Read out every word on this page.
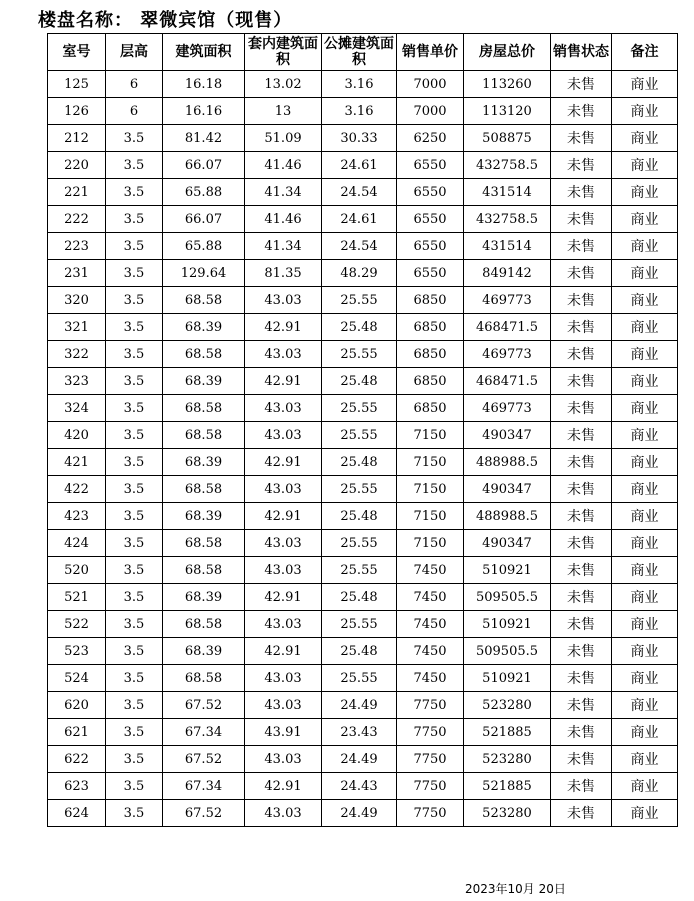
楼盘名称： 翠微宾馆（现售）
室号	层高	建筑面积	套内建筑面积	公摊建筑面积	销售单价	房屋总价	销售状态	备注
125	6	16.18	13.02	3.16	7000	113260	未售	商业
126	6	16.16	13	3.16	7000	113120	未售	商业
212	3.5	81.42	51.09	30.33	6250	508875	未售	商业
220	3.5	66.07	41.46	24.61	6550	432758.5	未售	商业
221	3.5	65.88	41.34	24.54	6550	431514	未售	商业
222	3.5	66.07	41.46	24.61	6550	432758.5	未售	商业
223	3.5	65.88	41.34	24.54	6550	431514	未售	商业
231	3.5	129.64	81.35	48.29	6550	849142	未售	商业
320	3.5	68.58	43.03	25.55	6850	469773	未售	商业
321	3.5	68.39	42.91	25.48	6850	468471.5	未售	商业
322	3.5	68.58	43.03	25.55	6850	469773	未售	商业
323	3.5	68.39	42.91	25.48	6850	468471.5	未售	商业
324	3.5	68.58	43.03	25.55	6850	469773	未售	商业
420	3.5	68.58	43.03	25.55	7150	490347	未售	商业
421	3.5	68.39	42.91	25.48	7150	488988.5	未售	商业
422	3.5	68.58	43.03	25.55	7150	490347	未售	商业
423	3.5	68.39	42.91	25.48	7150	488988.5	未售	商业
424	3.5	68.58	43.03	25.55	7150	490347	未售	商业
520	3.5	68.58	43.03	25.55	7450	510921	未售	商业
521	3.5	68.39	42.91	25.48	7450	509505.5	未售	商业
522	3.5	68.58	43.03	25.55	7450	510921	未售	商业
523	3.5	68.39	42.91	25.48	7450	509505.5	未售	商业
524	3.5	68.58	43.03	25.55	7450	510921	未售	商业
620	3.5	67.52	43.03	24.49	7750	523280	未售	商业
621	3.5	67.34	43.91	23.43	7750	521885	未售	商业
622	3.5	67.52	43.03	24.49	7750	523280	未售	商业
623	3.5	67.34	42.91	24.43	7750	521885	未售	商业
624	3.5	67.52	43.03	24.49	7750	523280	未售	商业
2023年10月 20日
